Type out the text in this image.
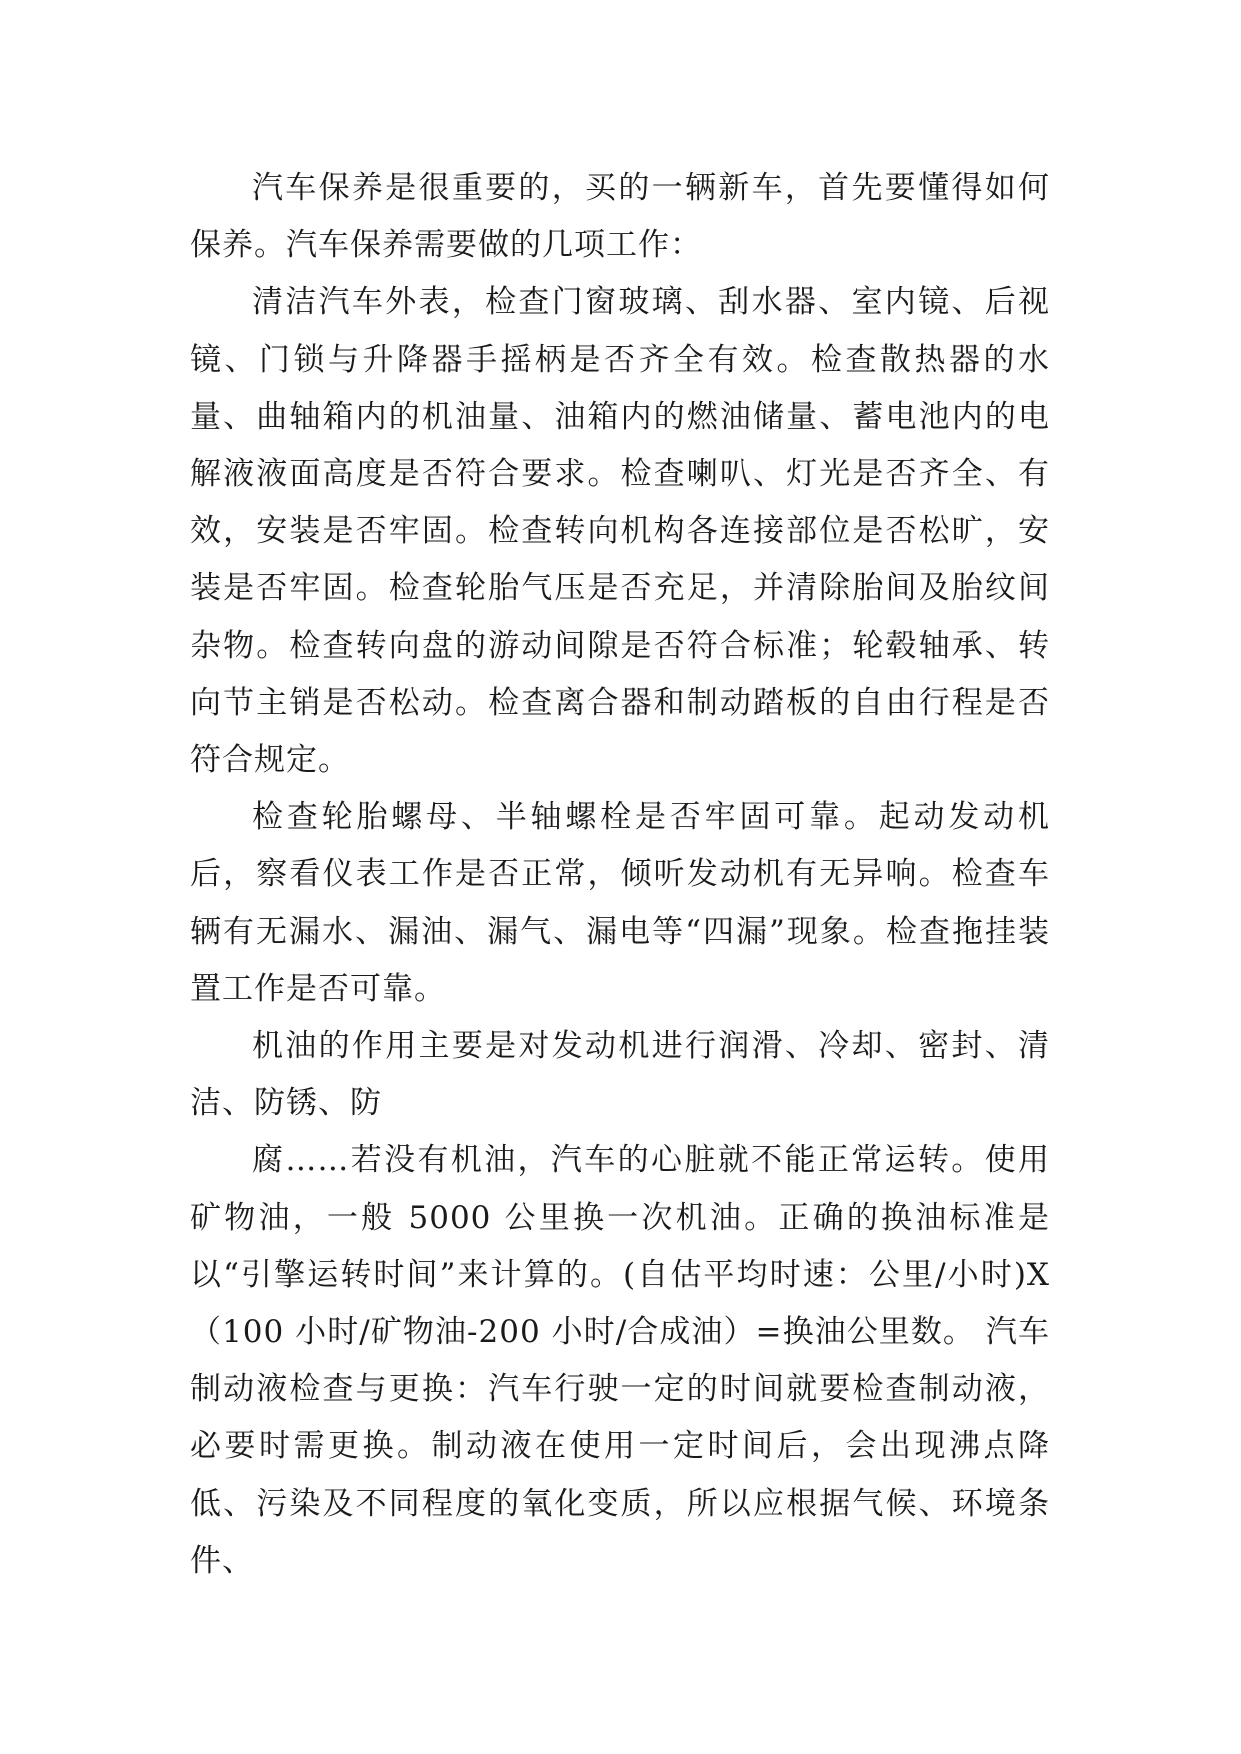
汽车保养是很重要的，买的一辆新车，首先要懂得如何保养。汽车保养需要做的几项工作：

清洁汽车外表，检查门窗玻璃、刮水器、室内镜、后视镜、门锁与升降器手摇柄是否齐全有效。检查散热器的水量、曲轴箱内的机油量、油箱内的燃油储量、蓄电池内的电解液液面高度是否符合要求。检查喇叭、灯光是否齐全、有效，安装是否牢固。检查转向机构各连接部位是否松旷，安装是否牢固。检查轮胎气压是否充足，并清除胎间及胎纹间杂物。检查转向盘的游动间隙是否符合标准；轮毂轴承、转向节主销是否松动。检查离合器和制动踏板的自由行程是否符合规定。

检查轮胎螺母、半轴螺栓是否牢固可靠。起动发动机后，察看仪表工作是否正常，倾听发动机有无异响。检查车辆有无漏水、漏油、漏气、漏电等“四漏”现象。检查拖挂装置工作是否可靠。

机油的作用主要是对发动机进行润滑、冷却、密封、清洁、防锈、防

腐……若没有机油，汽车的心脏就不能正常运转。使用矿物油，一般 5000 公里换一次机油。正确的换油标准是以“引擎运转时间”来计算的。(自估平均时速：公里/小时)X（100 小时/矿物油-200 小时/合成油）=换油公里数。 汽车制动液检查与更换：汽车行驶一定的时间就要检查制动液，必要时需更换。制动液在使用一定时间后，会出现沸点降低、污染及不同程度的氧化变质，所以应根据气候、环境条件、
